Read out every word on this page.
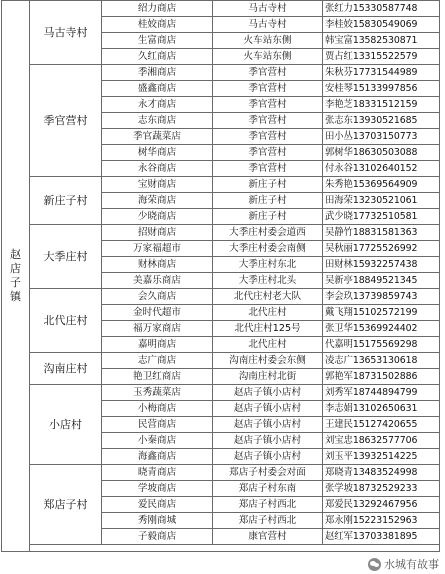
赵店子镇	马古寺村	绍力商店	马古寺村	张红力15330587748
		桂姣商店	马古寺村	李桂姣15830549069
		生富商店	火车站东侧	韩宝富13582530871
		久红商店	火车站东侧	贾占红13315522579
	季官营村	季湘商店	季官营村	朱秋芬17731544989
		盛鑫商店	季官营村	安桂琴15133997856
		永才商店	季官营村	李艳芝18331512159
		志东商店	季官营村	张志东13930521685
		季官蔬菜店	季官营村	田小丛13703150773
		树华商店	季官营村	郭树华18630503088
		永谷商店	季官营村	付永谷13102640152
	新庄子村	宝财商店	新庄子村	朱秀艳15369564909
		海荣商店	新庄子村	田海荣13230521061
		少晓商店	新庄子村	武少晓17732510581
	大季庄村	招财商店	大季庄村委会道西	吴静竹18831581363
		万家福超市	大季庄村委会南侧	吴秋丽17725526992
		财林商店	大季庄村东北	田财林15932257438
		美嘉乐商店	大季庄村北头	吴新亭18849521345
	北代庄村	会久商店	北代庄村老大队	李会玖13739859743
		金时代超市	北代庄村	戴飞翔15102572199
		福万家商店	北代庄村125号	张卫华15369924402
		嘉明商店	北代庄村	代嘉明15175569298
	沟南庄村	志广商店	沟南庄村委会东侧	凌志广13653130618
		艳卫红商店	沟南庄村北街	郭艳军18731502886
	小店村	玉秀蔬菜店	赵店子镇小店村	刘秀军18744894799
		小梅商店	赵店子镇小店村	李志娟13102650631
		民营商店	赵店子镇小店村	王建民15127420655
		小秦商店	赵店子镇小店村	刘宝忠18632577706
		海鑫商店	赵店子镇小店村	刘玉平13932514225
	郑店子村	晓青商店	郑店子村委会对面	郑晓青13483524998
		学坡商店	郑店子村东南	张学坡18732529233
		爱民商店	郑店子村西北	郑爱民13292467956
		秀刚商城	郑店子村西北	郑永刚15223152963
		子毅商店	康官营村	赵红军13703381895

水城有故事
